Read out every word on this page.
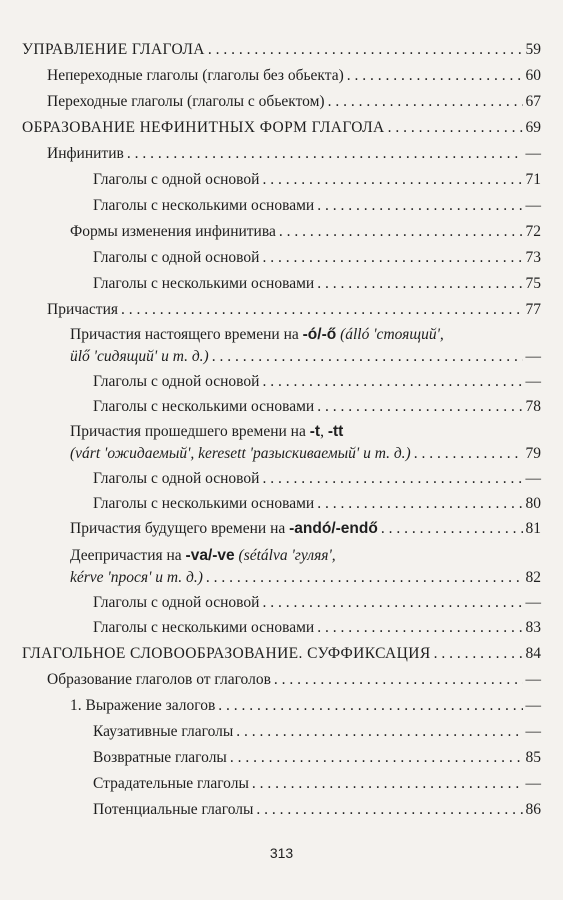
УПРАВЛЕНИЕ ГЛАГОЛА . . .	59
Непереходные глаголы (глаголы без обьекта) . . .	60
Переходные глаголы (глаголы с обьектом) . . .	67
ОБРАЗОВАНИЕ НЕФИНИТНЫХ ФОРМ ГЛАГОЛА . . .	69
Инфинитив . . .	—
Глаголы с одной основой . . .	71
Глаголы с несколькими основами . . .	—
Формы изменения инфинитива . . .	72
Глаголы с одной основой . . .	73
Глаголы с несколькими основами . . .	75
Причастия . . .	77
Причастия настоящего времени на -ó/-ő (álló 'стоящий',
ülő 'сидящий' и т. д.) . . .	—
Глаголы с одной основой . . .	—
Глаголы с несколькими основами . . .	78
Причастия прошедшего времени на -t, -tt
(várt 'ожидаемый', keresett 'разыскиваемый' и т. д.) . . .	79
Глаголы с одной основой . . .	—
Глаголы с несколькими основами . . .	80
Причастия будущего времени на -andó/-endő . . .	81
Деепричастия на -va/-ve (sétálva 'гуляя',
kérve 'прося' и т. д.) . . .	82
Глаголы с одной основой . . .	—
Глаголы с несколькими основами . . .	83
ГЛАГОЛЬНОЕ СЛОВООБРАЗОВАНИЕ. СУФФИКСАЦИЯ . . .	84
Образование глаголов от глаголов . . .	—
1. Выражение залогов . . .	—
Каузативные глаголы . . .	—
Возвратные глаголы . . .	85
Страдательные глаголы . . .	—
Потенциальные глаголы . . .	86
313
